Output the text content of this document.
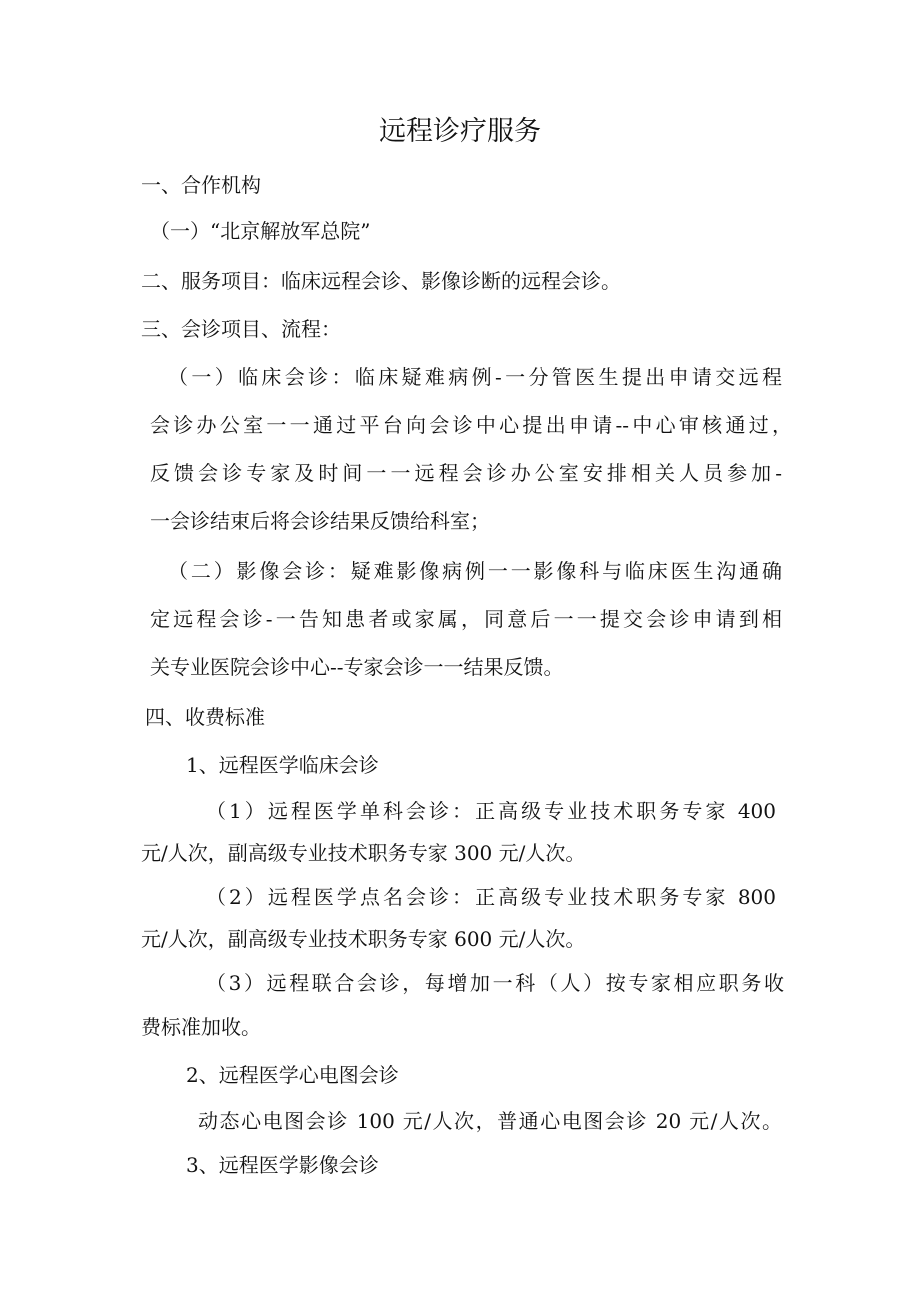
远程诊疗服务
一、合作机构
（一）“北京解放军总院”
二、服务项目：临床远程会诊、影像诊断的远程会诊。
三、会诊项目、流程：
（一）临床会诊：临床疑难病例-一分管医生提出申请交远程
会诊办公室一一通过平台向会诊中心提出申请--中心审核通过，
反馈会诊专家及时间一一远程会诊办公室安排相关人员参加-
一会诊结束后将会诊结果反馈给科室；
（二）影像会诊：疑难影像病例一一影像科与临床医生沟通确
定远程会诊-一告知患者或家属，同意后一一提交会诊申请到相
关专业医院会诊中心--专家会诊一一结果反馈。
四、收费标准
1、远程医学临床会诊
（1）远程医学单科会诊：正高级专业技术职务专家 400
元/人次，副高级专业技术职务专家 300 元/人次。
（2）远程医学点名会诊：正高级专业技术职务专家 800
元/人次，副高级专业技术职务专家 600 元/人次。
（3）远程联合会诊，每增加一科（人）按专家相应职务收
费标准加收。
2、远程医学心电图会诊
动态心电图会诊 100 元/人次，普通心电图会诊 20 元/人次。
3、远程医学影像会诊
